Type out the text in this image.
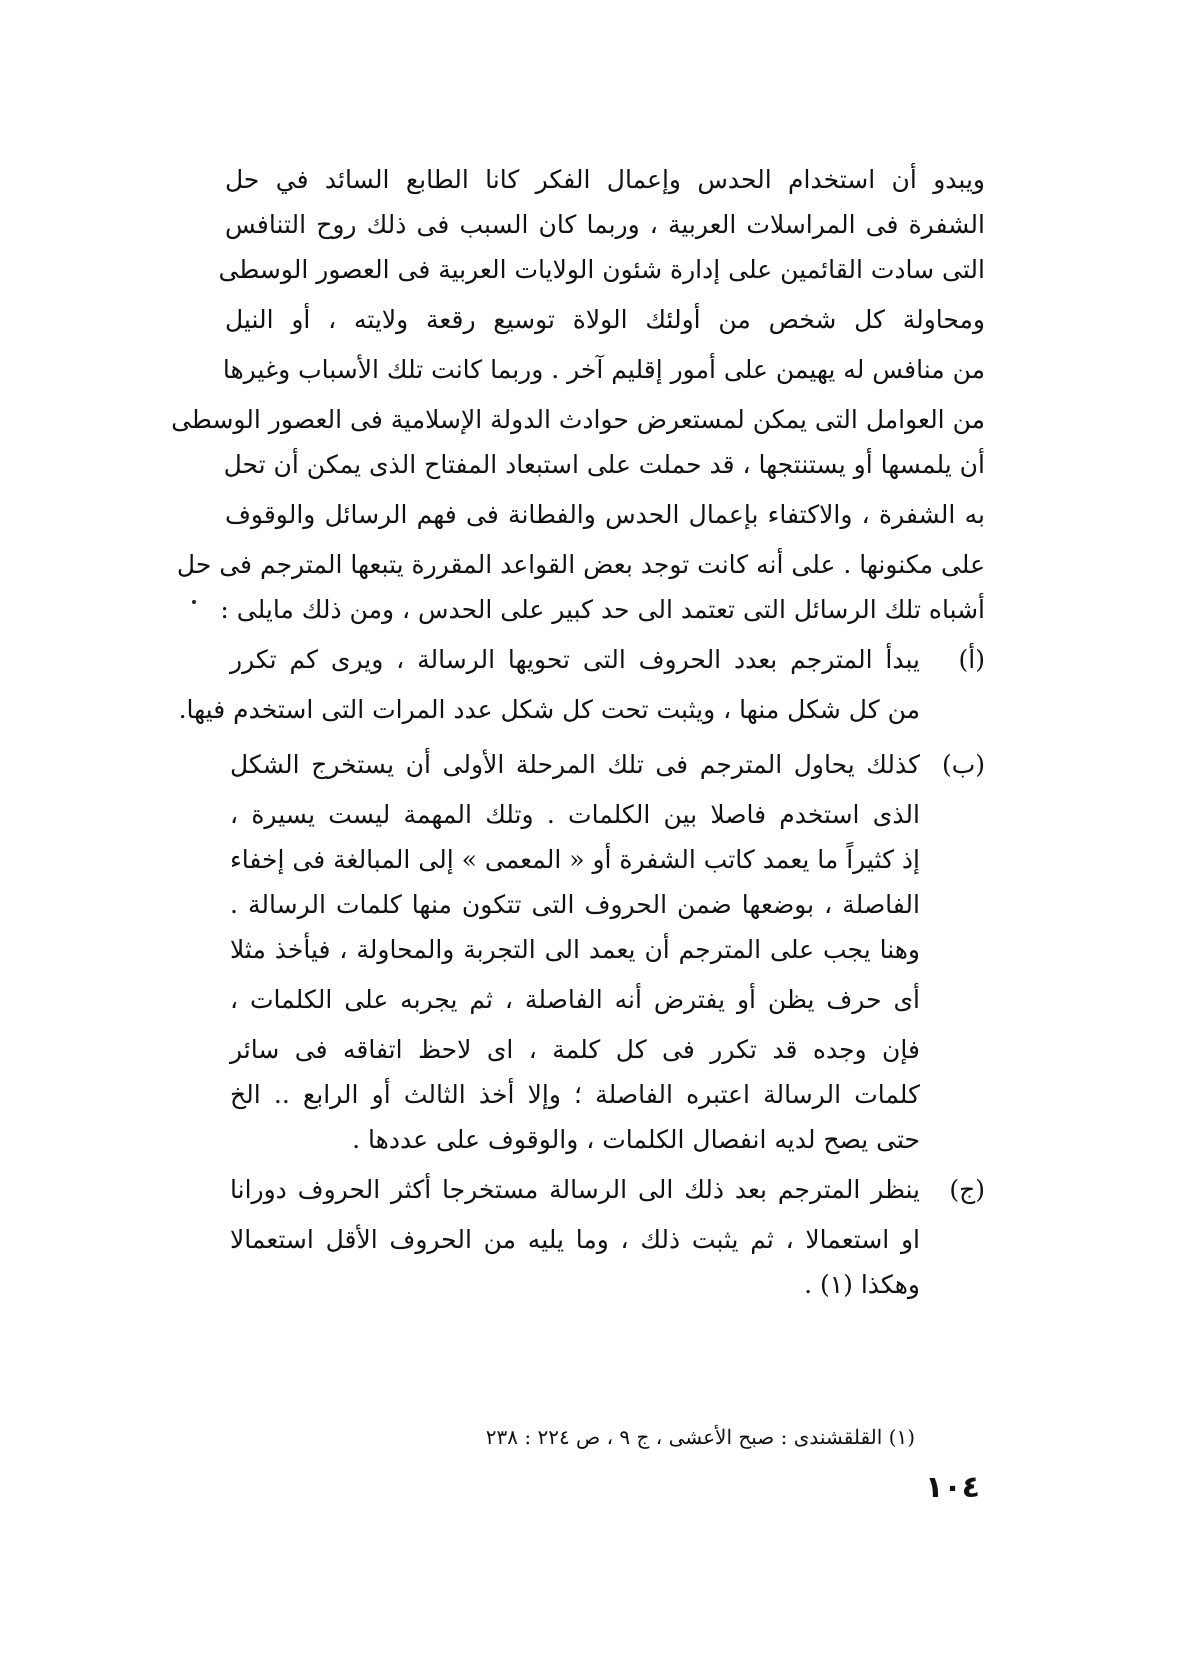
ويبدو أن استخدام الحدس وإعمال الفكر كانا الطابع السائد في حل
الشفرة فى المراسلات العربية ، وربما كان السبب فى ذلك روح التنافس
التى سادت القائمين على إدارة شئون الولايات العربية فى العصور الوسطى
ومحاولة كل شخص من أولئك الولاة توسيع رقعة ولايته ، أو النيل
من منافس له يهيمن على أمور إقليم آخر . وربما كانت تلك الأسباب وغيرها
من العوامل التى يمكن لمستعرض حوادث الدولة الإسلامية فى العصور الوسطى
أن يلمسها أو يستنتجها ، قد حملت على استبعاد المفتاح الذى يمكن أن تحل
به الشفرة ، والاكتفاء بإعمال الحدس والفطانة فى فهم الرسائل والوقوف
على مكنونها . على أنه كانت توجد بعض القواعد المقررة يتبعها المترجم فى حل
أشباه تلك الرسائل التى تعتمد الى حد كبير على الحدس ، ومن ذلك مايلى :
(أ)
يبدأ المترجم بعدد الحروف التى تحويها الرسالة ، ويرى كم تكرر
من كل شكل منها ، ويثبت تحت كل شكل عدد المرات التى استخدم فيها.
(ب)
كذلك يحاول المترجم فى تلك المرحلة الأولى أن يستخرج الشكل
الذى استخدم فاصلا بين الكلمات . وتلك المهمة ليست يسيرة ،
إذ كثيراً ما يعمد كاتب الشفرة أو « المعمى » إلى المبالغة فى إخفاء
الفاصلة ، بوضعها ضمن الحروف التى تتكون منها كلمات الرسالة .
وهنا يجب على المترجم أن يعمد الى التجربة والمحاولة ، فيأخذ مثلا
أى حرف يظن أو يفترض أنه الفاصلة ، ثم يجربه على الكلمات ،
فإن وجده قد تكرر فى كل كلمة ، اى لاحظ اتفاقه فى سائر
كلمات الرسالة اعتبره الفاصلة ؛ وإلا أخذ الثالث أو الرابع .. الخ
حتى يصح لديه انفصال الكلمات ، والوقوف على عددها .
(ج)
ينظر المترجم بعد ذلك الى الرسالة مستخرجا أكثر الحروف دورانا
او استعمالا ، ثم يثبت ذلك ، وما يليه من الحروف الأقل استعمالا
وهكذا (١) .
(١) القلقشندى : صبح الأعشى ، ج ٩ ، ص ٢٢٤ : ٢٣٨
١٠٤
